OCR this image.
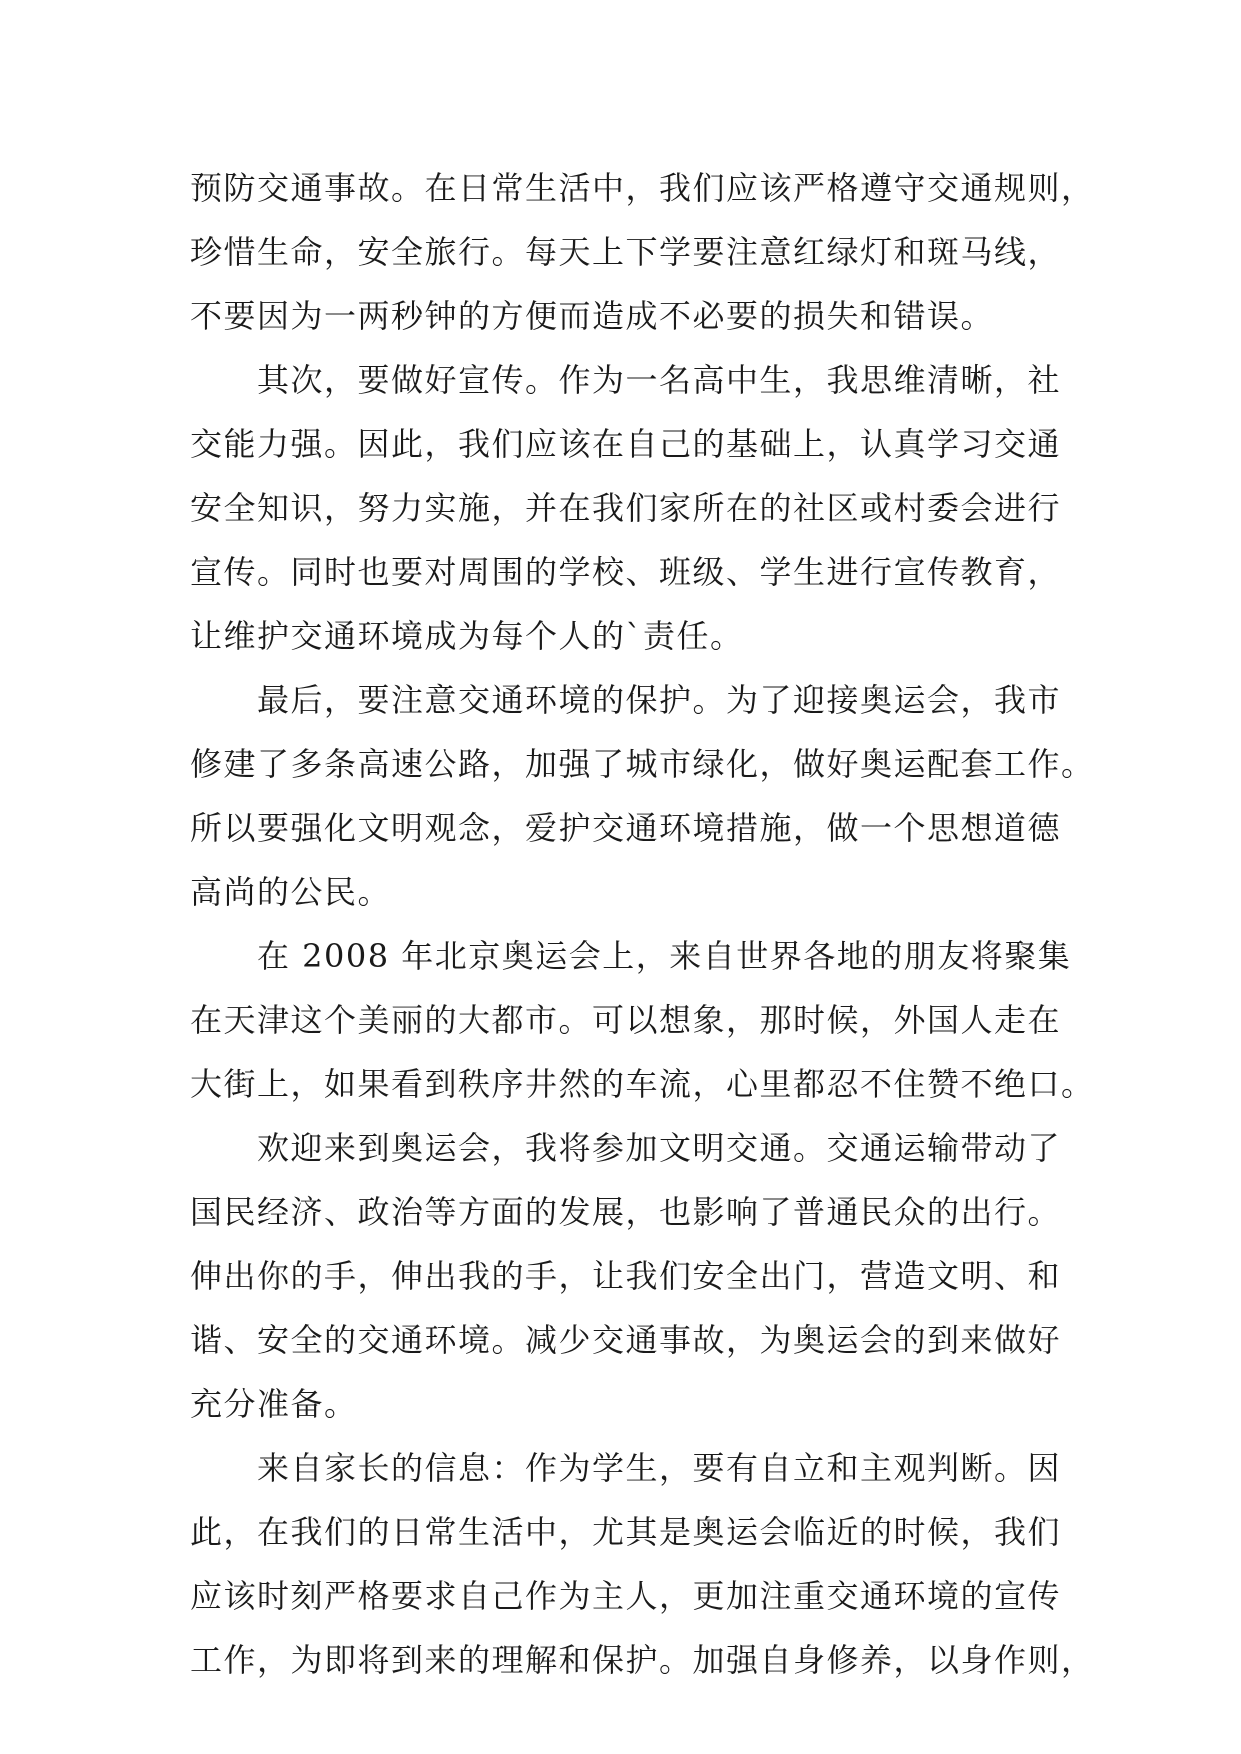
预防交通事故。在日常生活中，我们应该严格遵守交通规则，
珍惜生命，安全旅行。每天上下学要注意红绿灯和斑马线，
不要因为一两秒钟的方便而造成不必要的损失和错误。
　　其次，要做好宣传。作为一名高中生，我思维清晰，社
交能力强。因此，我们应该在自己的基础上，认真学习交通
安全知识，努力实施，并在我们家所在的社区或村委会进行
宣传。同时也要对周围的学校、班级、学生进行宣传教育，
让维护交通环境成为每个人的`责任。
　　最后，要注意交通环境的保护。为了迎接奥运会，我市
修建了多条高速公路，加强了城市绿化，做好奥运配套工作。
所以要强化文明观念，爱护交通环境措施，做一个思想道德
高尚的公民。
　　在 2008 年北京奥运会上，来自世界各地的朋友将聚集
在天津这个美丽的大都市。可以想象，那时候，外国人走在
大街上，如果看到秩序井然的车流，心里都忍不住赞不绝口。
　　欢迎来到奥运会，我将参加文明交通。交通运输带动了
国民经济、政治等方面的发展，也影响了普通民众的出行。
伸出你的手，伸出我的手，让我们安全出门，营造文明、和
谐、安全的交通环境。减少交通事故，为奥运会的到来做好
充分准备。
　　来自家长的信息：作为学生，要有自立和主观判断。因
此，在我们的日常生活中，尤其是奥运会临近的时候，我们
应该时刻严格要求自己作为主人，更加注重交通环境的宣传
工作，为即将到来的理解和保护。加强自身修养，以身作则，
